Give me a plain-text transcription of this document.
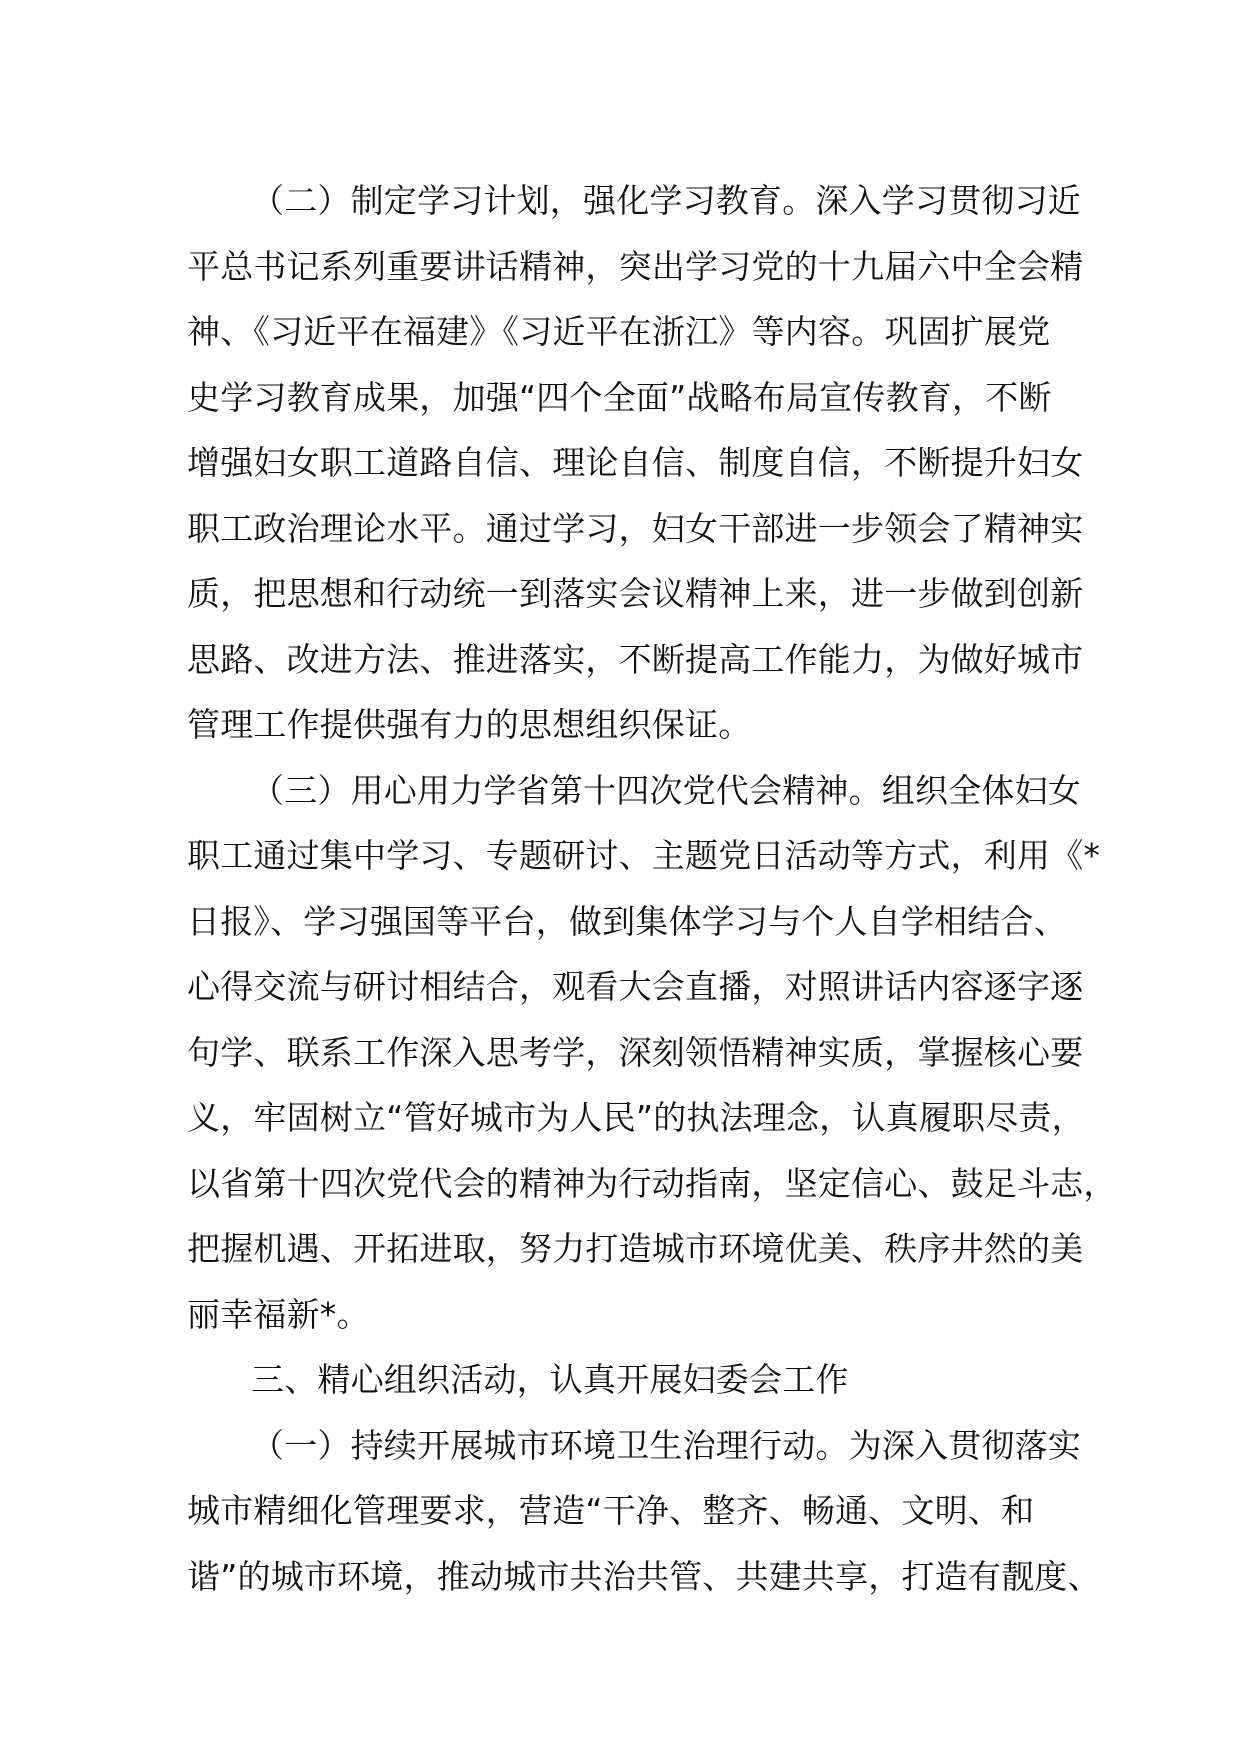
（二）制定学习计划，强化学习教育。深入学习贯彻习近
平总书记系列重要讲话精神，突出学习党的十九届六中全会精
神、《习近平在福建》《习近平在浙江》等内容。巩固扩展党
史学习教育成果，加强“四个全面”战略布局宣传教育，不断
增强妇女职工道路自信、理论自信、制度自信，不断提升妇女
职工政治理论水平。通过学习，妇女干部进一步领会了精神实
质，把思想和行动统一到落实会议精神上来，进一步做到创新
思路、改进方法、推进落实，不断提高工作能力，为做好城市
管理工作提供强有力的思想组织保证。

（三）用心用力学省第十四次党代会精神。组织全体妇女
职工通过集中学习、专题研讨、主题党日活动等方式，利用《*
日报》、学习强国等平台，做到集体学习与个人自学相结合、
心得交流与研讨相结合，观看大会直播，对照讲话内容逐字逐
句学、联系工作深入思考学，深刻领悟精神实质，掌握核心要
义，牢固树立“管好城市为人民”的执法理念，认真履职尽责，
以省第十四次党代会的精神为行动指南，坚定信心、鼓足斗志，
把握机遇、开拓进取，努力打造城市环境优美、秩序井然的美
丽幸福新*。

三、精心组织活动，认真开展妇委会工作

（一）持续开展城市环境卫生治理行动。为深入贯彻落实
城市精细化管理要求，营造“干净、整齐、畅通、文明、和
谐”的城市环境，推动城市共治共管、共建共享，打造有靓度、
